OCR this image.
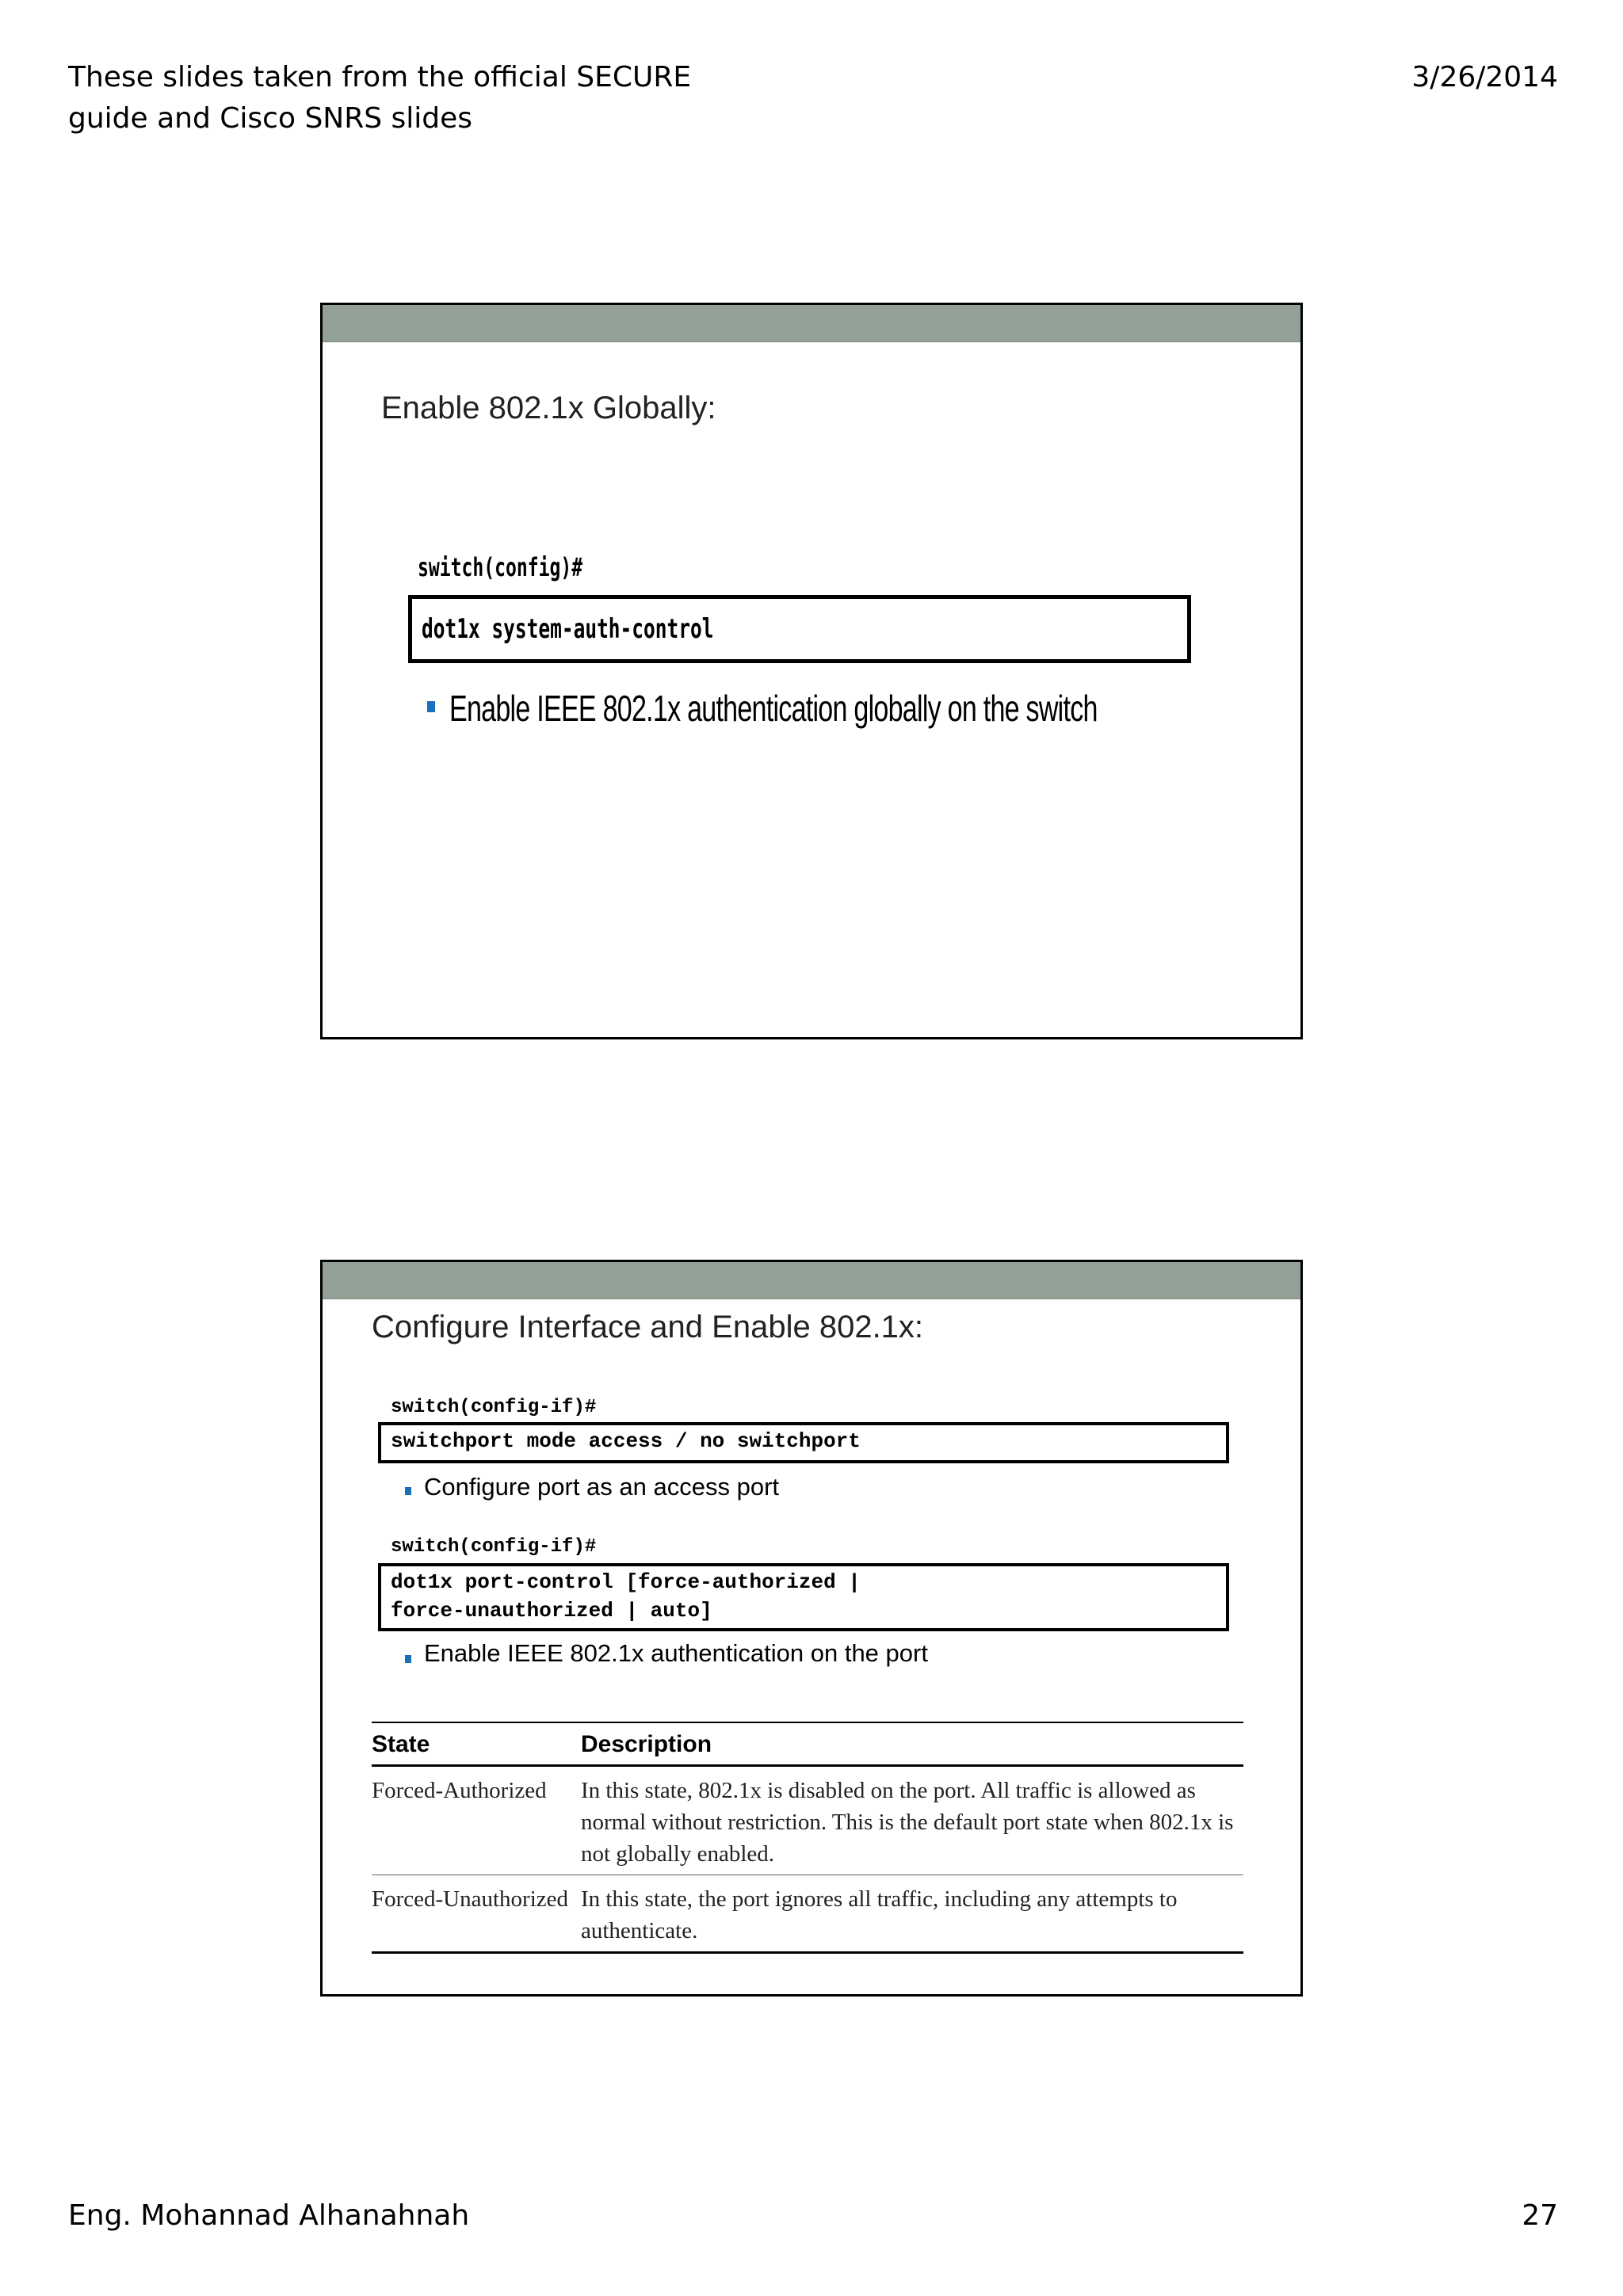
These slides taken from the official SECURE
guide and Cisco SNRS slides
3/26/2014
Enable 802.1x Globally:
switch(config)#
dot1x system-auth-control
Enable IEEE 802.1x authentication globally on the switch
Configure Interface and Enable 802.1x:
switch(config-if)#
switchport mode access / no switchport
Configure port as an access port
switch(config-if)#
dot1x port-control [force-authorized |
force-unauthorized | auto]
Enable IEEE 802.1x authentication on the port
State	Description
Forced-Authorized	In this state, 802.1x is disabled on the port. All traffic is allowed as normal without restriction. This is the default port state when 802.1x is not globally enabled.
Forced-Unauthorized	In this state, the port ignores all traffic, including any attempts to authenticate.
Eng. Mohannad Alhanahnah	27
